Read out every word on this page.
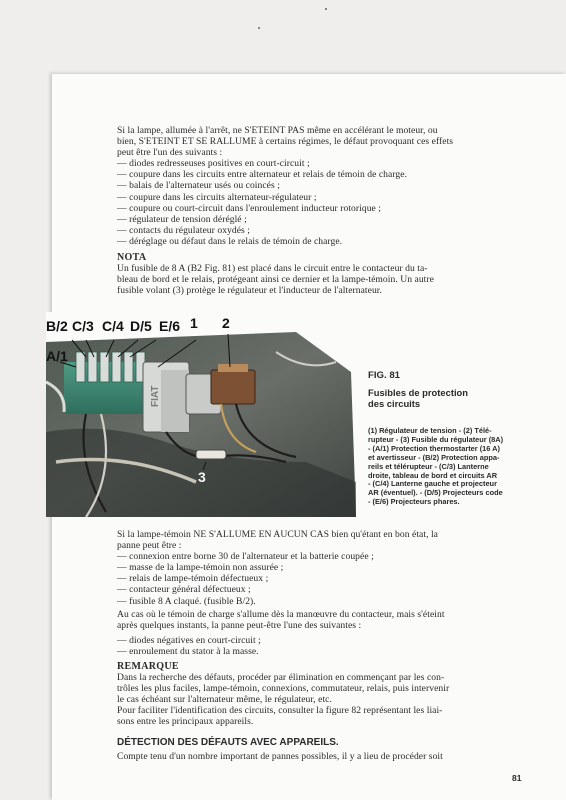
Si la lampe, allumée à l'arrêt, ne S'ETEINT PAS même en accélérant le moteur, ou
bien, S'ETEINT ET SE RALLUME à certains régimes, le défaut provoquant ces effets
peut être l'un des suivants :
— diodes redresseuses positives en court-circuit ;
— coupure dans les circuits entre alternateur et relais de témoin de charge.
— balais de l'alternateur usés ou coincés ;
— coupure dans les circuits alternateur-régulateur ;
— coupure ou court-circuit dans l'enroulement inducteur rotorique ;
— régulateur de tension déréglé ;
— contacts du régulateur oxydés ;
— déréglage ou défaut dans le relais de témoin de charge.
NOTA
Un fusible de 8 A (B2 Fig. 81) est placé dans le circuit entre le contacteur du ta-
bleau de bord et le relais, protégeant ainsi ce dernier et la lampe-témoin. Un autre
fusible volant (3) protège le régulateur et l'inducteur de l'alternateur.
FIAT
B/2 C/3 C/4 D/5 E/6 1 2
A/1
3
FIG. 81
Fusibles de protection
des circuits
(1) Régulateur de tension - (2) Télé-
rupteur - (3) Fusible du régulateur (8A)
- (A/1) Protection thermostarter (16 A)
et avertisseur - (B/2) Protection appa-
reils et télérupteur - (C/3) Lanterne
droite, tableau de bord et circuits AR
- (C/4) Lanterne gauche et projecteur
AR (éventuel). - (D/5) Projecteurs code
- (E/6) Projecteurs phares.
Si la lampe-témoin NE S'ALLUME EN AUCUN CAS bien qu'étant en bon état, la
panne peut être :
— connexion entre borne 30 de l'alternateur et la batterie coupée ;
— masse de la lampe-témoin non assurée ;
— relais de lampe-témoin défectueux ;
— contacteur général défectueux ;
— fusible 8 A claqué. (fusible B/2).
Au cas où le témoin de charge s'allume dès la manœuvre du contacteur, mais s'éteint
après quelques instants, la panne peut-être l'une des suivantes :
— diodes négatives en court-circuit ;
— enroulement du stator à la masse.
REMARQUE
Dans la recherche des défauts, procéder par élimination en commençant par les con-
trôles les plus faciles, lampe-témoin, connexions, commutateur, relais, puis intervenir
le cas échéant sur l'alternateur même, le régulateur, etc.
Pour faciliter l'identification des circuits, consulter la figure 82 représentant les liai-
sons entre les principaux appareils.
DÉTECTION DES DÉFAUTS AVEC APPAREILS.
Compte tenu d'un nombre important de pannes possibles, il y a lieu de procéder soit
81
